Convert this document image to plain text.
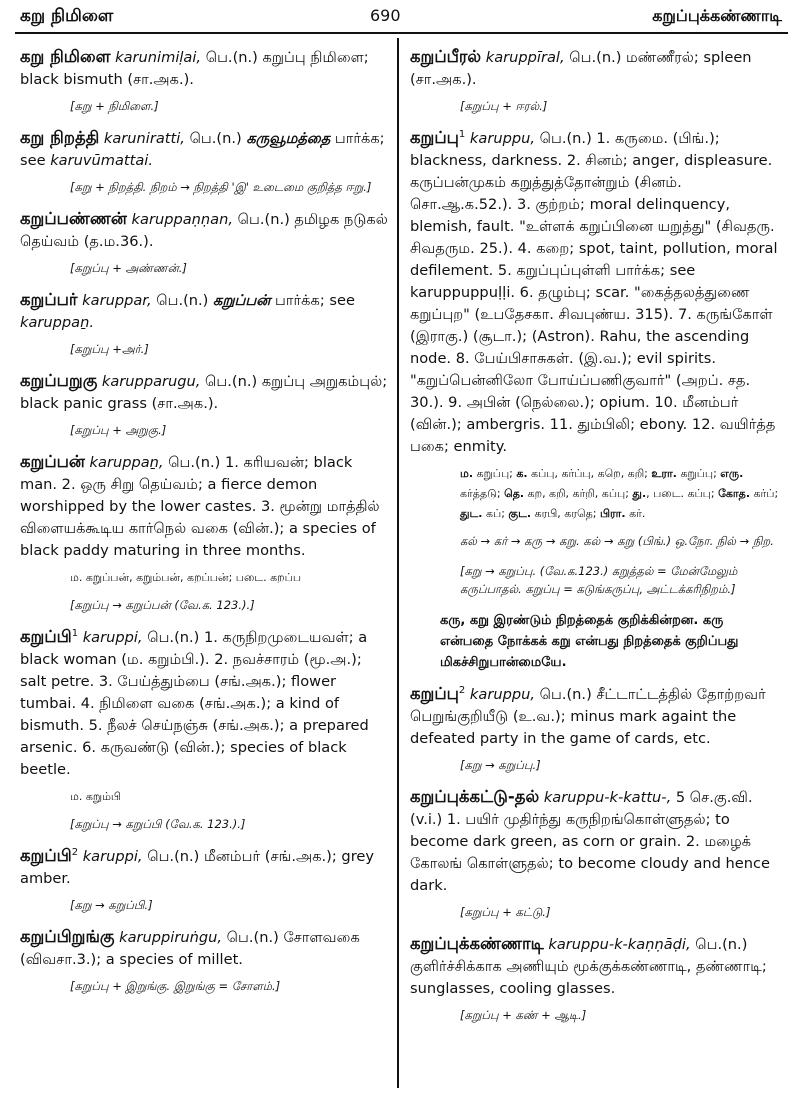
கறு நிமிளை	690	கறுப்புக்கண்ணாடி
கறு நிமிளை karunimiḷai, பெ.(n.) கறுப்பு நிமிளை; black bismuth (சா.அக.).
[கறு + நிமிளை.]
கறு நிறத்தி karuniratti, பெ.(n.) கருவூமத்தை பார்க்க; see karuvūmattai.
[கறு + நிறத்தி. நிறம் → நிறத்தி 'இ' உடைமை குறித்த ஈறு.]
கறுப்பண்ணன் karuppaṇṇan, பெ.(n.) தமிழக நடுகல் தெய்வம் (த.ம.36.).
[கறுப்பு + அண்ணன்.]
கறுப்பர் karuppar, பெ.(n.) கறுப்பன் பார்க்க; see karuppaṉ.
[கறுப்பு +அர்.]
கறுப்பறுகு karupparugu, பெ.(n.) கறுப்பு அறுகம்புல்; black panic grass (சா.அக.).
[கறுப்பு + அறுகு.]
கறுப்பன் karuppaṉ, பெ.(n.) 1. கரியவன்; black man. 2. ஒரு சிறு தெய்வம்; a fierce demon worshipped by the lower castes. 3. மூன்று மாத்தில் விளையக்கூடிய கார்நெல் வகை (வின்.); a species of black paddy maturing in three months.
ம. கறுப்பன், கறும்பன், கறப்பன்; படை. கறப்ப
[கறுப்பு → கறுப்பன் (வே.க. 123.).]
கறுப்பி$^1$ karuppi, பெ.(n.) 1. கருநிறமுடையவள்; a black woman (ம. கறும்பி.). 2. நவச்சாரம் (மூ.அ.); salt petre. 3. பேய்த்தும்பை (சங்.அக.); flower tumbai. 4. நிமிளை வகை (சங்.அக.); a kind of bismuth. 5. நீலச் செய்நஞ்சு (சங்.அக.); a prepared arsenic. 6. கருவண்டு (வின்.); species of black beetle.
ம. கறும்பி
[கறுப்பு → கறுப்பி (வே.க. 123.).]
கறுப்பி$^2$ karuppi, பெ.(n.) மீனம்பர் (சங்.அக.); grey amber.
[கறு → கறுப்பி.]
கறுப்பிறுங்கு karuppiruṅgu, பெ.(n.) சோளவகை (விவசா.3.); a species of millet.
[கறுப்பு + இறுங்கு. இறுங்கு = சோளம்.]
கறுப்பீரல் karuppīral, பெ.(n.) மண்ணீரல்; spleen (சா.அக.).
[கறுப்பு + ஈரல்.]
கறுப்பு$^1$ karuppu, பெ.(n.) 1. கருமை. (பிங்.); blackness, darkness. 2. சினம்; anger, displeasure. கருப்பன்முகம் கறுத்துத்தோன்றும் (சினம். சொ.ஆ.க.52.). 3. குற்றம்; moral delinquency, blemish, fault. "உள்ளக் கறுப்பினை யறுத்து" (சிவதரு. சிவதரும. 25.). 4. கறை; spot, taint, pollution, moral defilement. 5. கறுப்புப்புள்ளி பார்க்க; see karuppuppuḷḷi. 6. தழும்பு; scar. "கைத்தலத்துணை கறுப்புற" (உபதேசகா. சிவபுண்ய. 315). 7. கருங்கோள் (இராகு.) (சூடா.); (Astron). Rahu, the ascending node. 8. பேய்பிசாசுகள். (இ.வ.); evil spirits. "கறுப்பென்னிலோ போய்ப்பணிகுவார்" (அறப். சத. 30.). 9. அபின் (நெல்லை.); opium. 10. மீனம்பர் (வின்.); ambergris. 11. தும்பிலி; ebony. 12. வயிர்த்த பகை; enmity.
ம. கறுப்பு; க. கப்பு, கர்ப்பு, கறெ, கறி; உரா. கறுப்பு; எரு. கர்த்தடு; தெ. கற, கறி, கர்றி, கப்பு; து., படை. கப்பு; கோத. கர்ப்; துட. கப்; குட. கரபி, கரதெ; பிரா. கர்.
கல் → கர் → கரு → கறு. கல் → கறு (பிங்.) ஒ.நோ. நில் → நிற.
[கறு → கறுப்பு. (வே.க.123.) கறுத்தல் = மேன்மேலும் கருப்பாதல். கறுப்பு = கடுங்கருப்பு, அட்டக்கரிநிறம்.]
கரு, கறு இரண்டும் நிறத்தைக் குறிக்கின்றன. கரு என்பதை நோக்கக் கறு என்பது நிறத்தைக் குறிப்பது மிகச்சிறுபான்மையே.
கறுப்பு$^2$ karuppu, பெ.(n.) சீட்டாட்டத்தில் தோற்றவர் பெறுங்குறியீடு (உ.வ.); minus mark againt the defeated party in the game of cards, etc.
[கறு → கறுப்பு.]
கறுப்புக்கட்டு-தல் karuppu-k-kattu-, 5 செ.கு.வி. (v.i.) 1. பயிர் முதிர்ந்து கருநிறங்கொள்ளுதல்; to become dark green, as corn or grain. 2. மழைக் கோலங் கொள்ளுதல்; to become cloudy and hence dark.
[கறுப்பு + கட்டு.]
கறுப்புக்கண்ணாடி karuppu-k-kaṇṇāḍi, பெ.(n.) குளிர்ச்சிக்காக அணியும் மூக்குக்கண்ணாடி, தண்ணாடி; sunglasses, cooling glasses.
[கறுப்பு + கண் + ஆடி.]
